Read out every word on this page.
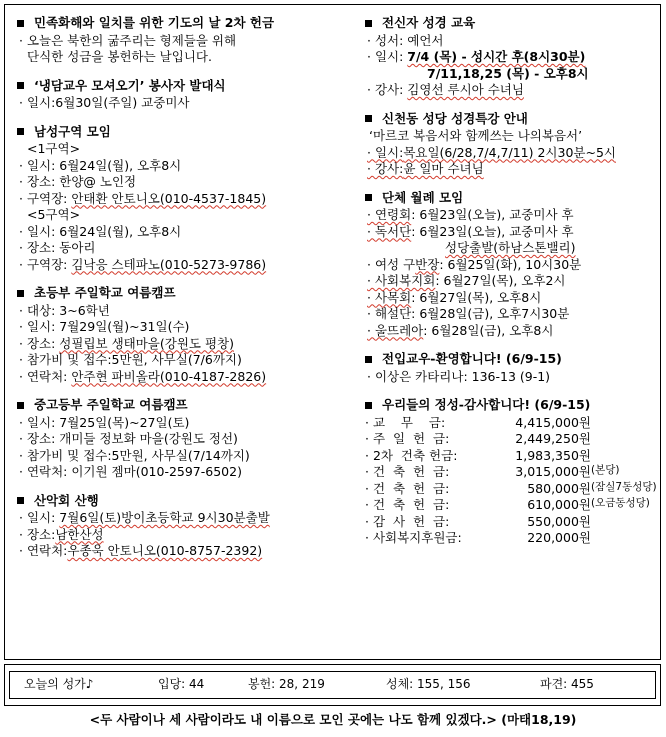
민족화해와 일치를 위한 기도의 날 2차 헌금
· 오늘은 북한의 굶주리는 형제들을 위해
단식한 성금을 봉헌하는 날입니다.
‘냉담교우 모셔오기’ 봉사자 발대식
· 일시:6월30일(주일) 교중미사
남성구역 모임
<1구역>
· 일시: 6월24일(월), 오후8시
· 장소: 한양@ 노인정
· 구역장: 안태환 안토니오(010-4537-1845)
<5구역>
· 일시: 6월24일(월), 오후8시
· 장소: 동아리
· 구역장: 김낙응 스테파노(010-5273-9786)
초등부 주일학교 여름캠프
· 대상: 3~6학년
· 일시: 7월29일(월)~31일(수)
· 장소: 성필립보 생태마을(강원도 평창)
· 참가비 및 접수:5만원, 사무실(7/6까지)
· 연락처: 안주현 파비올라(010-4187-2826)
중고등부 주일학교 여름캠프
· 일시: 7월25일(목)~27일(토)
· 장소: 개미들 정보화 마을(강원도 정선)
· 참가비 및 접수:5만원, 사무실(7/14까지)
· 연락처: 이기원 젬마(010-2597-6502)
산악회 산행
· 일시: 7월6일(토)방이초등학교 9시30분출발
· 장소:남한산성
· 연락처:우종욱 안토니오(010-8757-2392)
전신자 성경 교육
· 성서: 예언서
· 일시: 7/4 (목) - 성시간 후(8시30분)
7/11,18,25 (목) - 오후8시
· 강사: 김영선 루시아 수녀님
신천동 성당 성경특강 안내
‘마르코 복음서와 함께쓰는 나의복음서’
· 일시:목요일(6/28,7/4,7/11) 2시30분~5시
· 강사:윤 일마 수녀님
단체 월례 모임
· 연령회: 6월23일(오늘), 교중미사 후
· 독서단: 6월23일(오늘), 교중미사 후
성당출발(하남스톤밸리)
· 여성 구반장: 6월25일(화), 10시30분
· 사회복지회: 6월27일(목), 오후2시
· 사목회: 6월27일(목), 오후8시
· 해설단: 6월28일(금), 오후7시30분
· 울뜨레아: 6월28일(금), 오후8시
전입교우-환영합니다! (6/9-15)
· 이상은 카타리나: 136-13 (9-1)
우리들의 정성-감사합니다! (6/9-15)
· 교    무    금:	4,415,000원
· 주  일  헌  금:	2,449,250원
· 2차  건축 헌금:	1,983,350원
· 건  축  헌  금:	3,015,000원 (본당)
· 건  축  헌  금:	580,000원 (잠실7동성당)
· 건  축  헌  금:	610,000원 (오금동성당)
· 감  사  헌  금:	550,000원
· 사회복지후원금:	220,000원
오늘의 성가♪	입당: 44	봉헌: 28, 219	성체: 155, 156	파견: 455
<두 사람이나 세 사람이라도 내 이름으로 모인 곳에는 나도 함께 있겠다.> (마태18,19)
